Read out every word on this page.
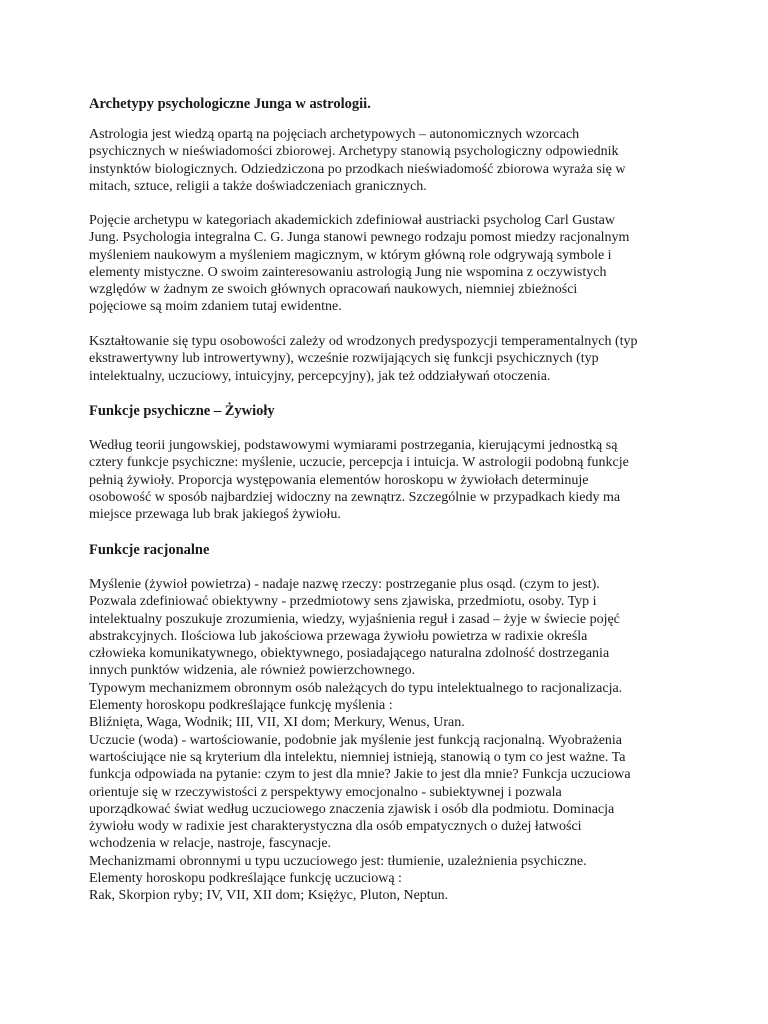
Archetypy psychologiczne Junga w astrologii.
Astrologia jest wiedzą opartą na pojęciach archetypowych – autonomicznych wzorcach
psychicznych w nieświadomości zbiorowej. Archetypy stanowią psychologiczny odpowiednik
instynktów biologicznych. Odziedziczona po przodkach nieświadomość zbiorowa wyraża się w
mitach, sztuce, religii a także doświadczeniach granicznych.
Pojęcie archetypu w kategoriach akademickich zdefiniował austriacki psycholog Carl Gustaw
Jung. Psychologia integralna C. G. Junga stanowi pewnego rodzaju pomost miedzy racjonalnym
myśleniem naukowym a myśleniem magicznym, w którym główną role odgrywają symbole i
elementy mistyczne. O swoim zainteresowaniu astrologią Jung nie wspomina z oczywistych
względów w żadnym ze swoich głównych opracowań naukowych, niemniej zbieżności
pojęciowe są moim zdaniem tutaj ewidentne.
Kształtowanie się typu osobowości zależy od wrodzonych predyspozycji temperamentalnych (typ
ekstrawertywny lub introwertywny), wcześnie rozwijających się funkcji psychicznych (typ
intelektualny, uczuciowy, intuicyjny, percepcyjny), jak też oddziaływań otoczenia.
Funkcje psychiczne – Żywioły
Według teorii jungowskiej, podstawowymi wymiarami postrzegania, kierującymi jednostką są
cztery funkcje psychiczne: myślenie, uczucie, percepcja i intuicja. W astrologii podobną funkcje
pełnią żywioły. Proporcja występowania elementów horoskopu w żywiołach determinuje
osobowość w sposób najbardziej widoczny na zewnątrz. Szczególnie w przypadkach kiedy ma
miejsce przewaga lub brak jakiegoś żywiołu.
Funkcje racjonalne
Myślenie (żywioł powietrza) - nadaje nazwę rzeczy: postrzeganie plus osąd. (czym to jest).
Pozwala zdefiniować obiektywny - przedmiotowy sens zjawiska, przedmiotu, osoby. Typ i
intelektualny poszukuje zrozumienia, wiedzy, wyjaśnienia reguł i zasad – żyje w świecie pojęć
abstrakcyjnych. Ilościowa lub jakościowa przewaga żywiołu powietrza w radixie określa
człowieka komunikatywnego, obiektywnego, posiadającego naturalna zdolność dostrzegania
innych punktów widzenia, ale również powierzchownego.
Typowym mechanizmem obronnym osób należących do typu intelektualnego to racjonalizacja.
Elementy horoskopu podkreślające funkcję myślenia :
Bliźnięta, Waga, Wodnik; III, VII, XI dom; Merkury, Wenus, Uran.
Uczucie (woda) - wartościowanie, podobnie jak myślenie jest funkcją racjonalną. Wyobrażenia
wartościujące nie są kryterium dla intelektu, niemniej istnieją, stanowią o tym co jest ważne. Ta
funkcja odpowiada na pytanie: czym to jest dla mnie? Jakie to jest dla mnie? Funkcja uczuciowa
orientuje się w rzeczywistości z perspektywy emocjonalno - subiektywnej i pozwala
uporządkować świat według uczuciowego znaczenia zjawisk i osób dla podmiotu. Dominacja
żywiołu wody w radixie jest charakterystyczna dla osób empatycznych o dużej łatwości
wchodzenia w relacje, nastroje, fascynacje.
Mechanizmami obronnymi u typu uczuciowego jest: tłumienie, uzależnienia psychiczne.
Elementy horoskopu podkreślające funkcję uczuciową :
Rak, Skorpion ryby; IV, VII, XII dom; Księżyc, Pluton, Neptun.
